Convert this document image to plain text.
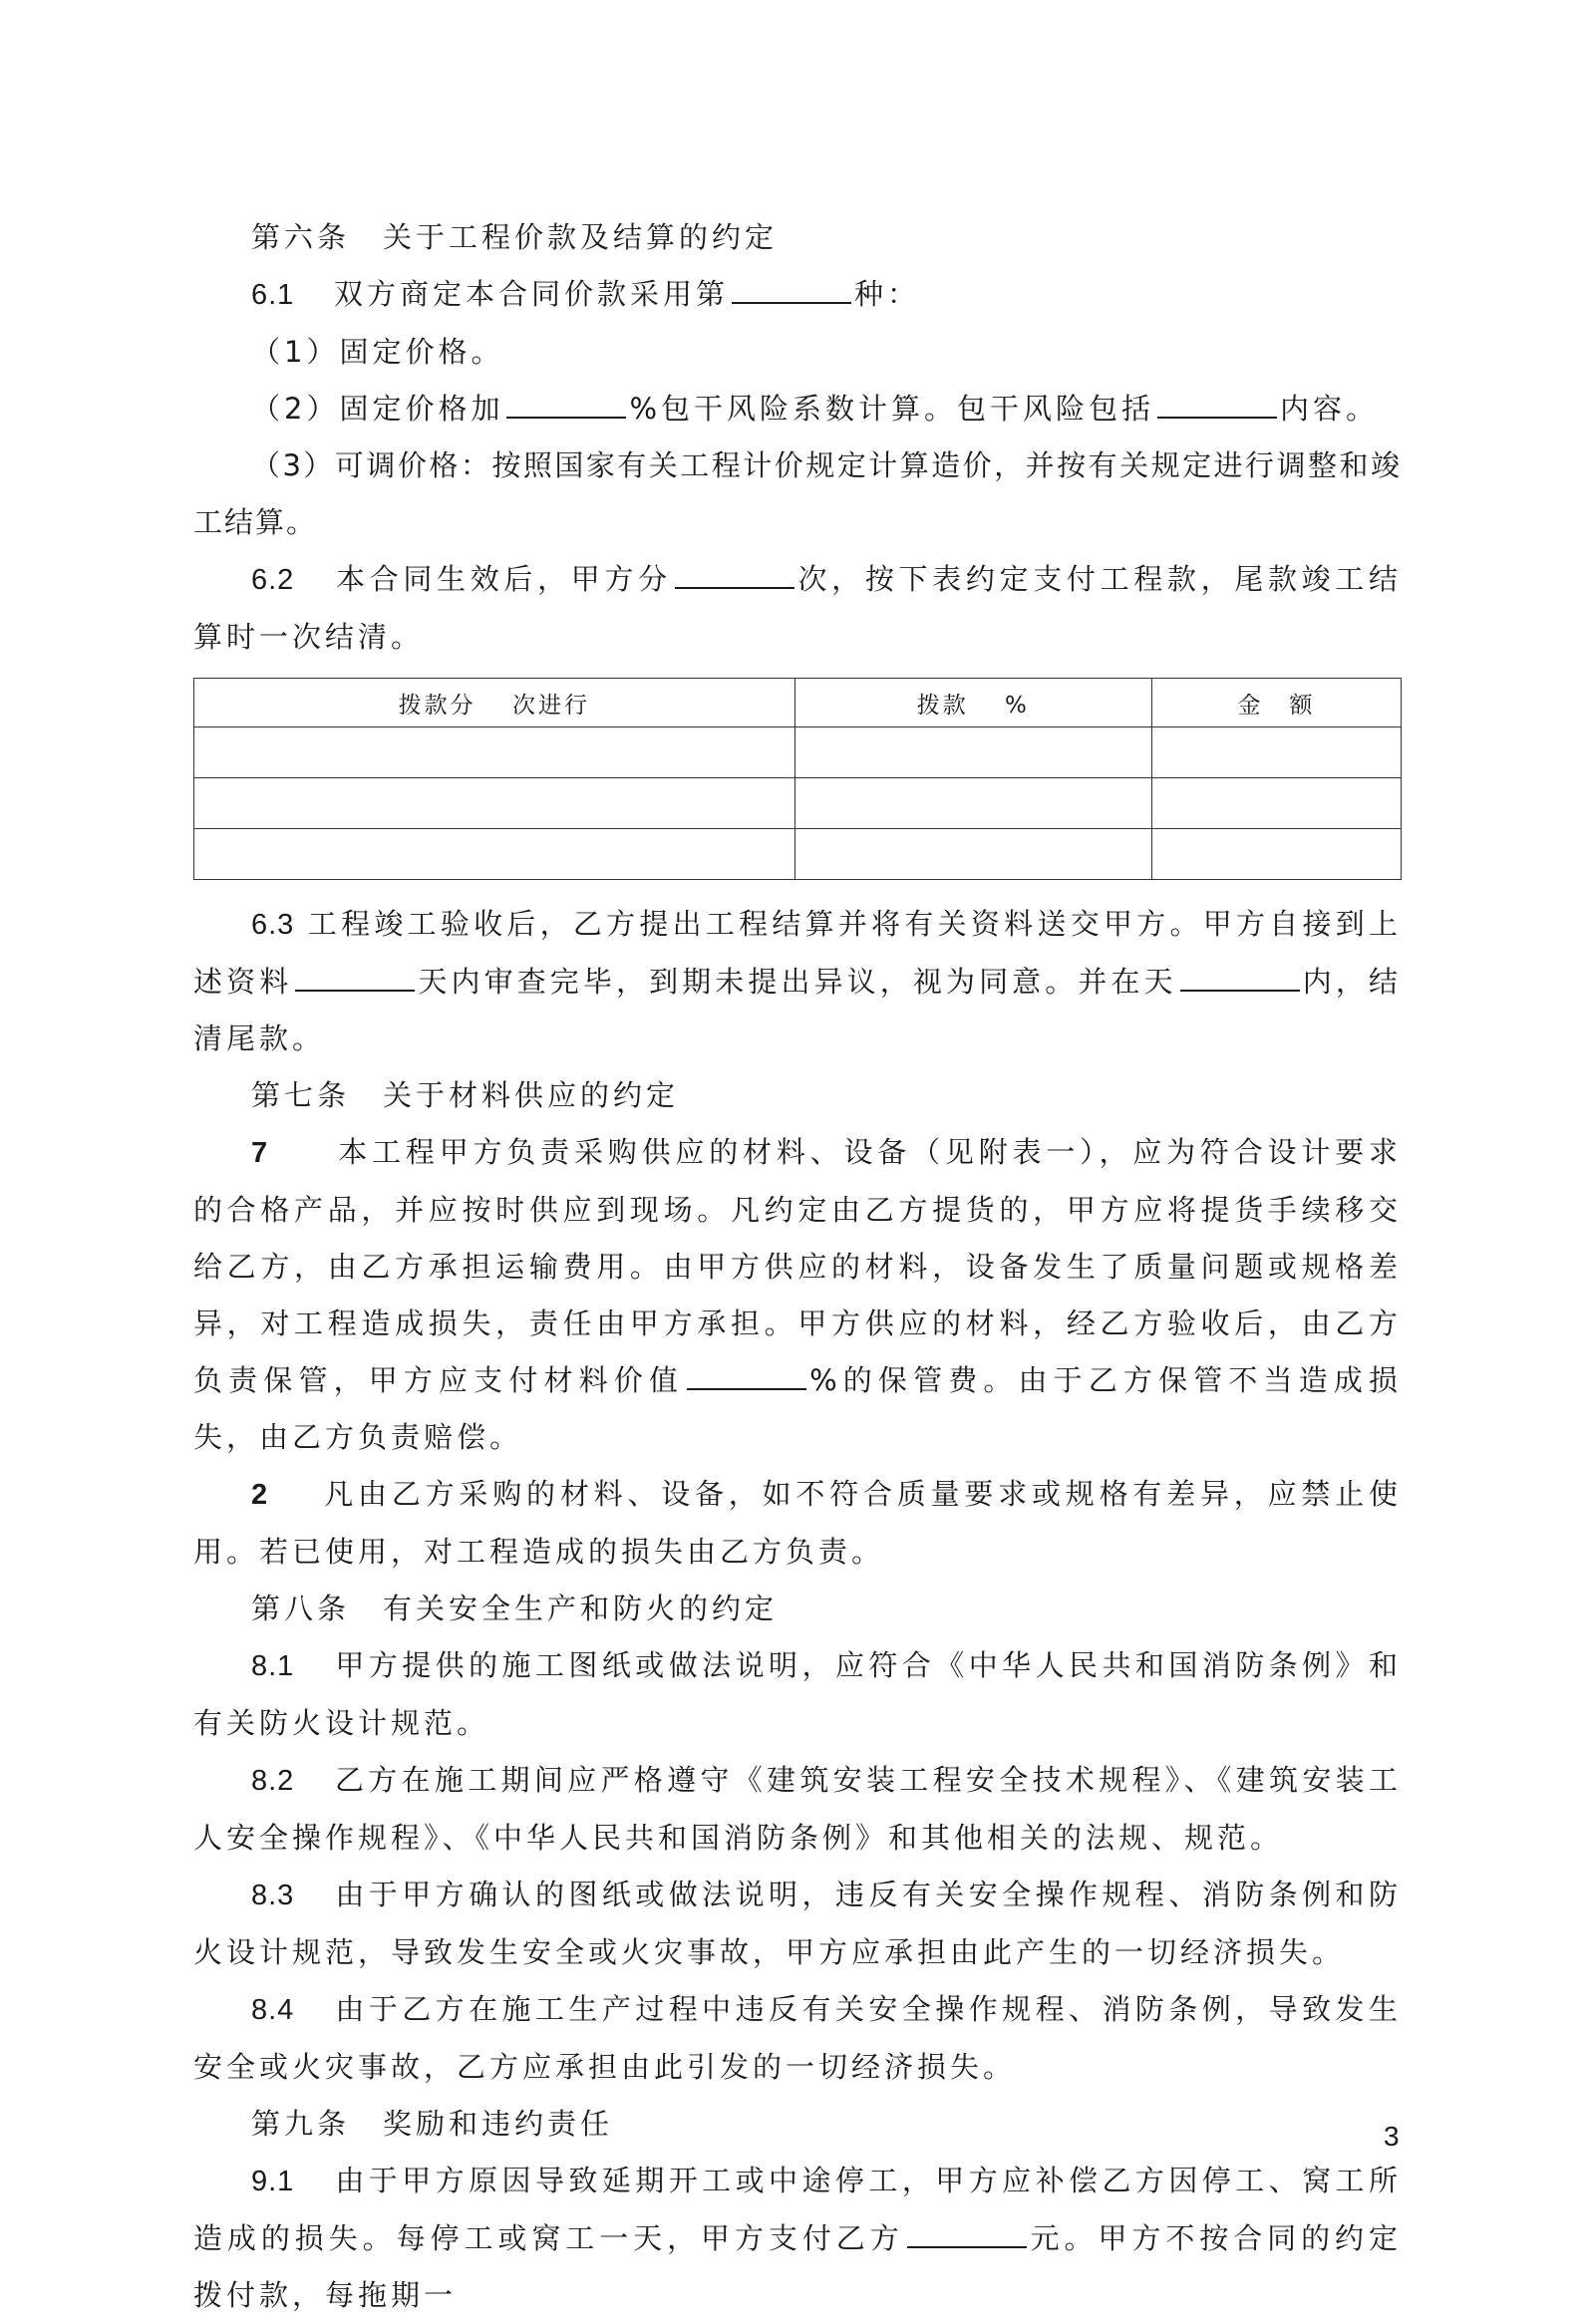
第六条　关于工程价款及结算的约定

6.1 双方商定本合同价款采用第	种：

（1）固定价格。

（2）固定价格加	%包干风险系数计算。包干风险包括	内容。

（3）可调价格：按照国家有关工程计价规定计算造价，并按有关规定进行调整和竣工结算。

6.2 本合同生效后，甲方分	次，按下表约定支付工程款，尾款竣工结算时一次结清。

拨款分　 次进行	拨款　 %	金　额

6.3 工程竣工验收后，乙方提出工程结算并将有关资料送交甲方。甲方自接到上述资料	天内审查完毕，到期未提出异议，视为同意。并在天	内，结清尾款。

第七条　关于材料供应的约定

7 本工程甲方负责采购供应的材料、设备（见附表一），应为符合设计要求的合格产品，并应按时供应到现场。凡约定由乙方提货的，甲方应将提货手续移交给乙方，由乙方承担运输费用。由甲方供应的材料，设备发生了质量问题或规格差异，对工程造成损失，责任由甲方承担。甲方供应的材料，经乙方验收后，由乙方负责保管，甲方应支付材料价值	%的保管费。由于乙方保管不当造成损失，由乙方负责赔偿。

2 凡由乙方采购的材料、设备，如不符合质量要求或规格有差异，应禁止使用。若已使用，对工程造成的损失由乙方负责。

第八条　有关安全生产和防火的约定

8.1 甲方提供的施工图纸或做法说明，应符合《中华人民共和国消防条例》和有关防火设计规范。

8.2 乙方在施工期间应严格遵守《建筑安装工程安全技术规程》、《建筑安装工人安全操作规程》、《中华人民共和国消防条例》和其他相关的法规、规范。

8.3 由于甲方确认的图纸或做法说明，违反有关安全操作规程、消防条例和防火设计规范，导致发生安全或火灾事故，甲方应承担由此产生的一切经济损失。

8.4 由于乙方在施工生产过程中违反有关安全操作规程、消防条例，导致发生安全或火灾事故，乙方应承担由此引发的一切经济损失。

第九条　奖励和违约责任

9.1 由于甲方原因导致延期开工或中途停工，甲方应补偿乙方因停工、窝工所造成的损失。每停工或窝工一天，甲方支付乙方	元。甲方不按合同的约定拨付款，每拖期一

3
